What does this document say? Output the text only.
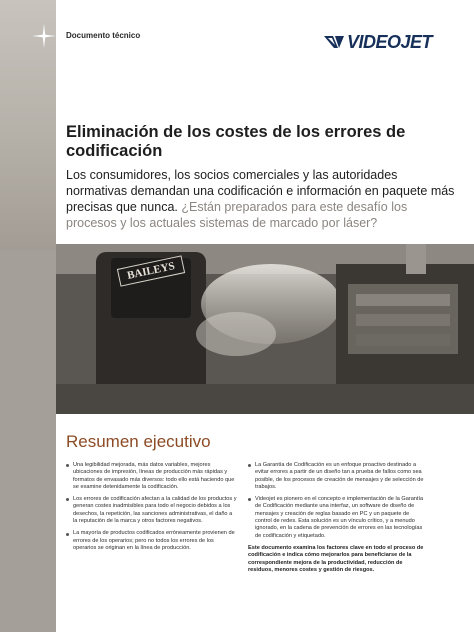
Documento técnico	VIDEOJET
Eliminación de los costes de los errores de codificación
Los consumidores, los socios comerciales y las autoridades normativas demandan una codificación e información en paquete más precisas que nunca. ¿Están preparados para este desafío los procesos y los actuales sistemas de marcado por láser?
BAILEYS
Resumen ejecutivo
Una legibilidad mejorada, más datos variables, mejores ubicaciones de impresión, líneas de producción más rápidas y formatos de envasado más diversos: todo ello está haciendo que se examine detenidamente la codificación.
Los errores de codificación afectan a la calidad de los productos y generan costes inadmisibles para todo el negocio debidos a los desechos, la repetición, las sanciones administrativas, el daño a la reputación de la marca y otros factores negativos.
La mayoría de productos codificados erróneamente provienen de errores de los operarios; pero no todos los errores de los operarios se originan en la línea de producción.
La Garantía de Codificación es un enfoque proactivo destinado a evitar errores a partir de un diseño tan a prueba de fallos como sea posible, de los procesos de creación de mensajes y de selección de trabajos.
Videojet es pionero en el concepto e implementación de la Garantía de Codificación mediante una interfaz, un software de diseño de mensajes y creación de reglas basado en PC y un paquete de control de redes. Esta solución es un vínculo crítico, y a menudo ignorado, en la cadena de prevención de errores en las tecnologías de codificación y etiquetado.

Este documento examina los factores clave en todo el proceso de codificación e indica cómo mejorarlos para beneficiarse de la correspondiente mejora de la productividad, reducción de residuos, menores costes y gestión de riesgos.
